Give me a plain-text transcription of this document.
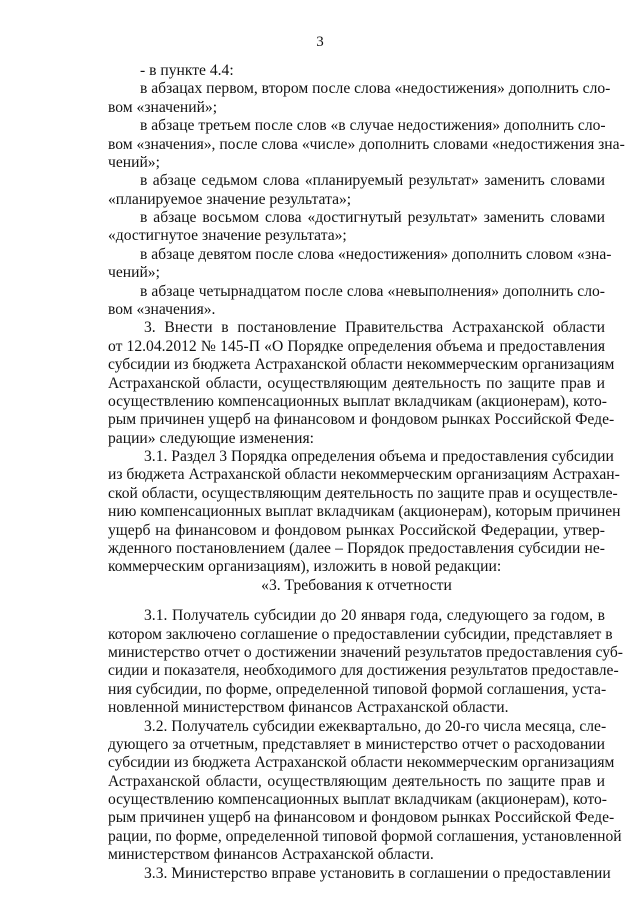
3
- в пункте 4.4:
в абзацах первом, втором после слова «недостижения» дополнить сло-
вом «значений»;
в абзаце третьем после слов «в случае недостижения» дополнить сло-
вом «значения», после слова «числе» дополнить словами «недостижения зна-
чений»;
в абзаце седьмом слова «планируемый результат» заменить словами
«планируемое значение результата»;
в абзаце восьмом слова «достигнутый результат» заменить словами
«достигнутое значение результата»;
в абзаце девятом после слова «недостижения» дополнить словом «зна-
чений»;
в абзаце четырнадцатом после слова «невыполнения» дополнить сло-
вом «значения».
3. Внести в постановление Правительства Астраханской области
от 12.04.2012 № 145-П «О Порядке определения объема и предоставления
субсидии из бюджета Астраханской области некоммерческим организациям
Астраханской области, осуществляющим деятельность по защите прав и
осуществлению компенсационных выплат вкладчикам (акционерам), кото-
рым причинен ущерб на финансовом и фондовом рынках Российской Феде-
рации» следующие изменения:
3.1. Раздел 3 Порядка определения объема и предоставления субсидии
из бюджета Астраханской области некоммерческим организациям Астрахан-
ской области, осуществляющим деятельность по защите прав и осуществле-
нию компенсационных выплат вкладчикам (акционерам), которым причинен
ущерб на финансовом и фондовом рынках Российской Федерации, утвер-
жденного постановлением (далее – Порядок предоставления субсидии не-
коммерческим организациям), изложить в новой редакции:
«3. Требования к отчетности
3.1. Получатель субсидии до 20 января года, следующего за годом, в
котором заключено соглашение о предоставлении субсидии, представляет в
министерство отчет о достижении значений результатов предоставления суб-
сидии и показателя, необходимого для достижения результатов предоставле-
ния субсидии, по форме, определенной типовой формой соглашения, уста-
новленной министерством финансов Астраханской области.
3.2. Получатель субсидии ежеквартально, до 20-го числа месяца, сле-
дующего за отчетным, представляет в министерство отчет о расходовании
субсидии из бюджета Астраханской области некоммерческим организациям
Астраханской области, осуществляющим деятельность по защите прав и
осуществлению компенсационных выплат вкладчикам (акционерам), кото-
рым причинен ущерб на финансовом и фондовом рынках Российской Феде-
рации, по форме, определенной типовой формой соглашения, установленной
министерством финансов Астраханской области.
3.3. Министерство вправе установить в соглашении о предоставлении
